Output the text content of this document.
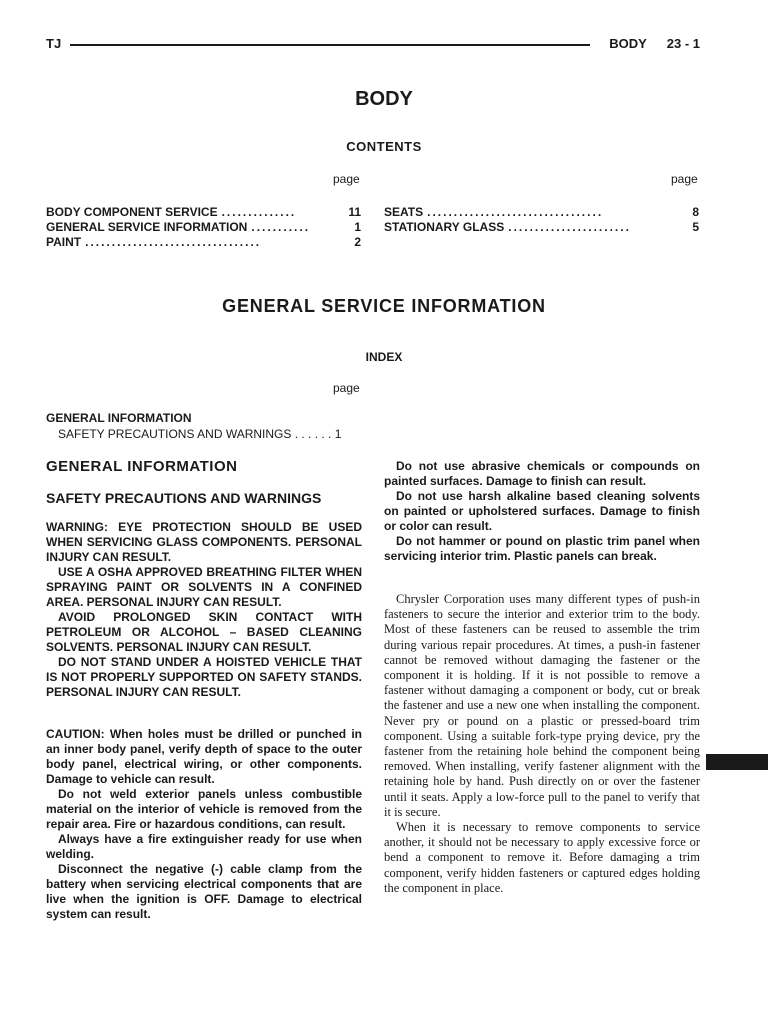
TJ	BODY 23 - 1
BODY
CONTENTS
page	page
BODY COMPONENT SERVICE ..............	11
GENERAL SERVICE INFORMATION ...........	1
PAINT .................................	2
SEATS .................................	8
STATIONARY GLASS .......................	5
GENERAL SERVICE INFORMATION
INDEX
page
GENERAL INFORMATION
SAFETY PRECAUTIONS AND WARNINGS . . . . . . 1
GENERAL INFORMATION
SAFETY PRECAUTIONS AND WARNINGS

WARNING: EYE PROTECTION SHOULD BE USED WHEN SERVICING GLASS COMPONENTS. PERSONAL INJURY CAN RESULT.

USE A OSHA APPROVED BREATHING FILTER WHEN SPRAYING PAINT OR SOLVENTS IN A CONFINED AREA. PERSONAL INJURY CAN RESULT.

AVOID PROLONGED SKIN CONTACT WITH PETROLEUM OR ALCOHOL – BASED CLEANING SOLVENTS. PERSONAL INJURY CAN RESULT.

DO NOT STAND UNDER A HOISTED VEHICLE THAT IS NOT PROPERLY SUPPORTED ON SAFETY STANDS. PERSONAL INJURY CAN RESULT.

CAUTION: When holes must be drilled or punched in an inner body panel, verify depth of space to the outer body panel, electrical wiring, or other components. Damage to vehicle can result.

Do not weld exterior panels unless combustible material on the interior of vehicle is removed from the repair area. Fire or hazardous conditions, can result.

Always have a fire extinguisher ready for use when welding.

Disconnect the negative (-) cable clamp from the battery when servicing electrical components that are live when the ignition is OFF. Damage to electrical system can result.

Do not use abrasive chemicals or compounds on painted surfaces. Damage to finish can result.

Do not use harsh alkaline based cleaning solvents on painted or upholstered surfaces. Damage to finish or color can result.

Do not hammer or pound on plastic trim panel when servicing interior trim. Plastic panels can break.

Chrysler Corporation uses many different types of push-in fasteners to secure the interior and exterior trim to the body. Most of these fasteners can be reused to assemble the trim during various repair procedures. At times, a push-in fastener cannot be removed without damaging the fastener or the component it is holding. If it is not possible to remove a fastener without damaging a component or body, cut or break the fastener and use a new one when installing the component. Never pry or pound on a plastic or pressed-board trim component. Using a suitable fork-type prying device, pry the fastener from the retaining hole behind the component being removed. When installing, verify fastener alignment with the retaining hole by hand. Push directly on or over the fastener until it seats. Apply a low-force pull to the panel to verify that it is secure.

When it is necessary to remove components to service another, it should not be necessary to apply excessive force or bend a component to remove it. Before damaging a trim component, verify hidden fasteners or captured edges holding the component in place.
